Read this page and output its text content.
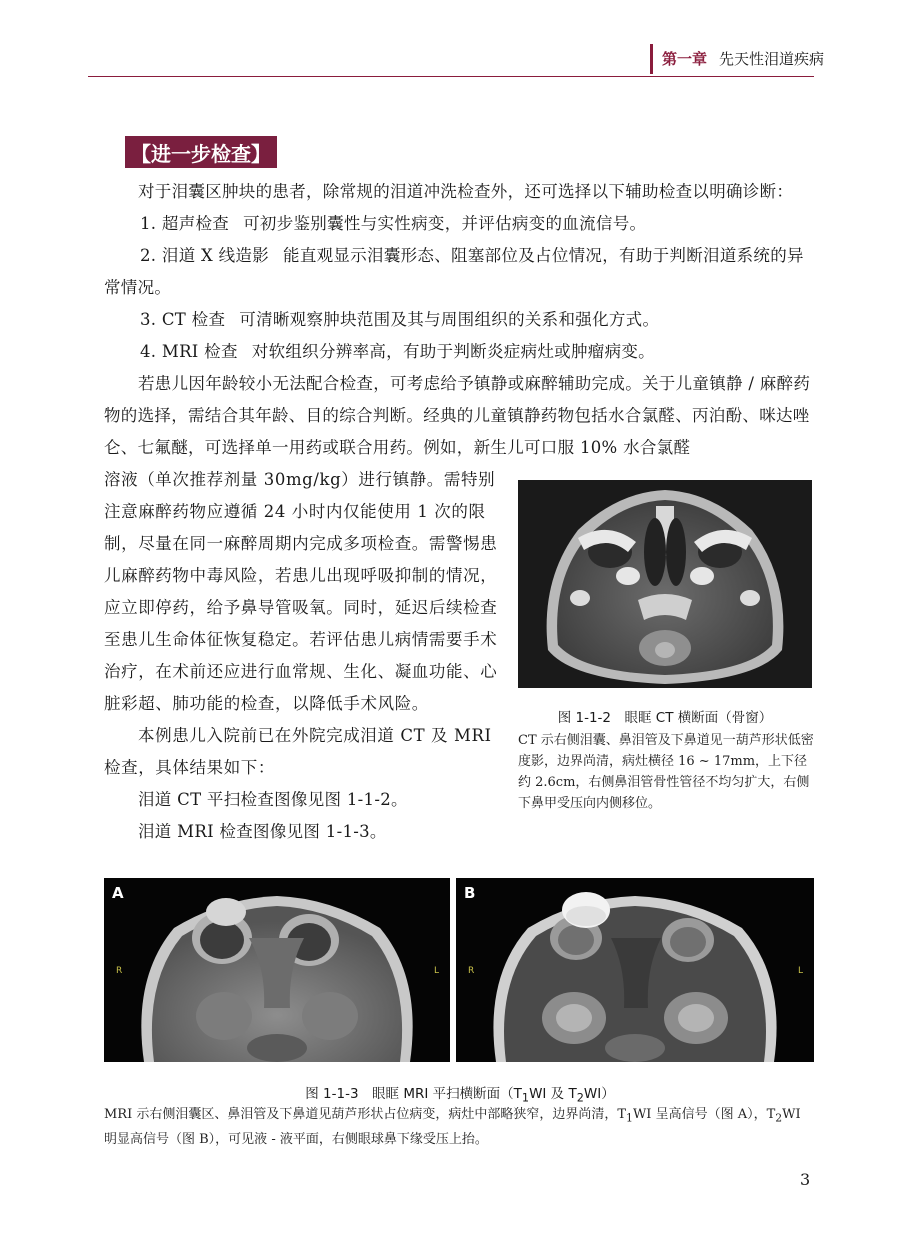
第一章 先天性泪道疾病
【进一步检查】
对于泪囊区肿块的患者，除常规的泪道冲洗检查外，还可选择以下辅助检查以明确诊断：
1. 超声检查 可初步鉴别囊性与实性病变，并评估病变的血流信号。
2. 泪道 X 线造影 能直观显示泪囊形态、阻塞部位及占位情况，有助于判断泪道系统的异常情况。
3. CT 检查 可清晰观察肿块范围及其与周围组织的关系和强化方式。
4. MRI 检查 对软组织分辨率高，有助于判断炎症病灶或肿瘤病变。
若患儿因年龄较小无法配合检查，可考虑给予镇静或麻醉辅助完成。关于儿童镇静 / 麻醉药物的选择，需结合其年龄、目的综合判断。经典的儿童镇静药物包括水合氯醛、丙泊酚、咪达唑仑、七氟醚，可选择单一用药或联合用药。例如，新生儿可口服 10% 水合氯醛
溶液（单次推荐剂量 30mg/kg）进行镇静。需特别注意麻醉药物应遵循 24 小时内仅能使用 1 次的限制，尽量在同一麻醉周期内完成多项检查。需警惕患儿麻醉药物中毒风险，若患儿出现呼吸抑制的情况，应立即停药，给予鼻导管吸氧。同时，延迟后续检查至患儿生命体征恢复稳定。若评估患儿病情需要手术治疗，在术前还应进行血常规、生化、凝血功能、心脏彩超、肺功能的检查，以降低手术风险。
本例患儿入院前已在外院完成泪道 CT 及 MRI 检查，具体结果如下：
泪道 CT 平扫检查图像见图 1-1-2。
泪道 MRI 检查图像见图 1-1-3。
图 1-1-2　眼眶 CT 横断面（骨窗）
CT 示右侧泪囊、鼻泪管及下鼻道见一葫芦形状低密度影，边界尚清，病灶横径 16 ~ 17mm，上下径约 2.6cm，右侧鼻泪管骨性管径不均匀扩大，右侧下鼻甲受压向内侧移位。
A
R	L
B
R	L
图 1-1-3　眼眶 MRI 平扫横断面（$T_1WI$ 及 $T_2WI$）
MRI 示右侧泪囊区、鼻泪管及下鼻道见葫芦形状占位病变，病灶中部略狭窄，边界尚清，$T_1WI$ 呈高信号（图 A），$T_2WI$ 明显高信号（图 B），可见液 - 液平面，右侧眼球鼻下缘受压上抬。
3
